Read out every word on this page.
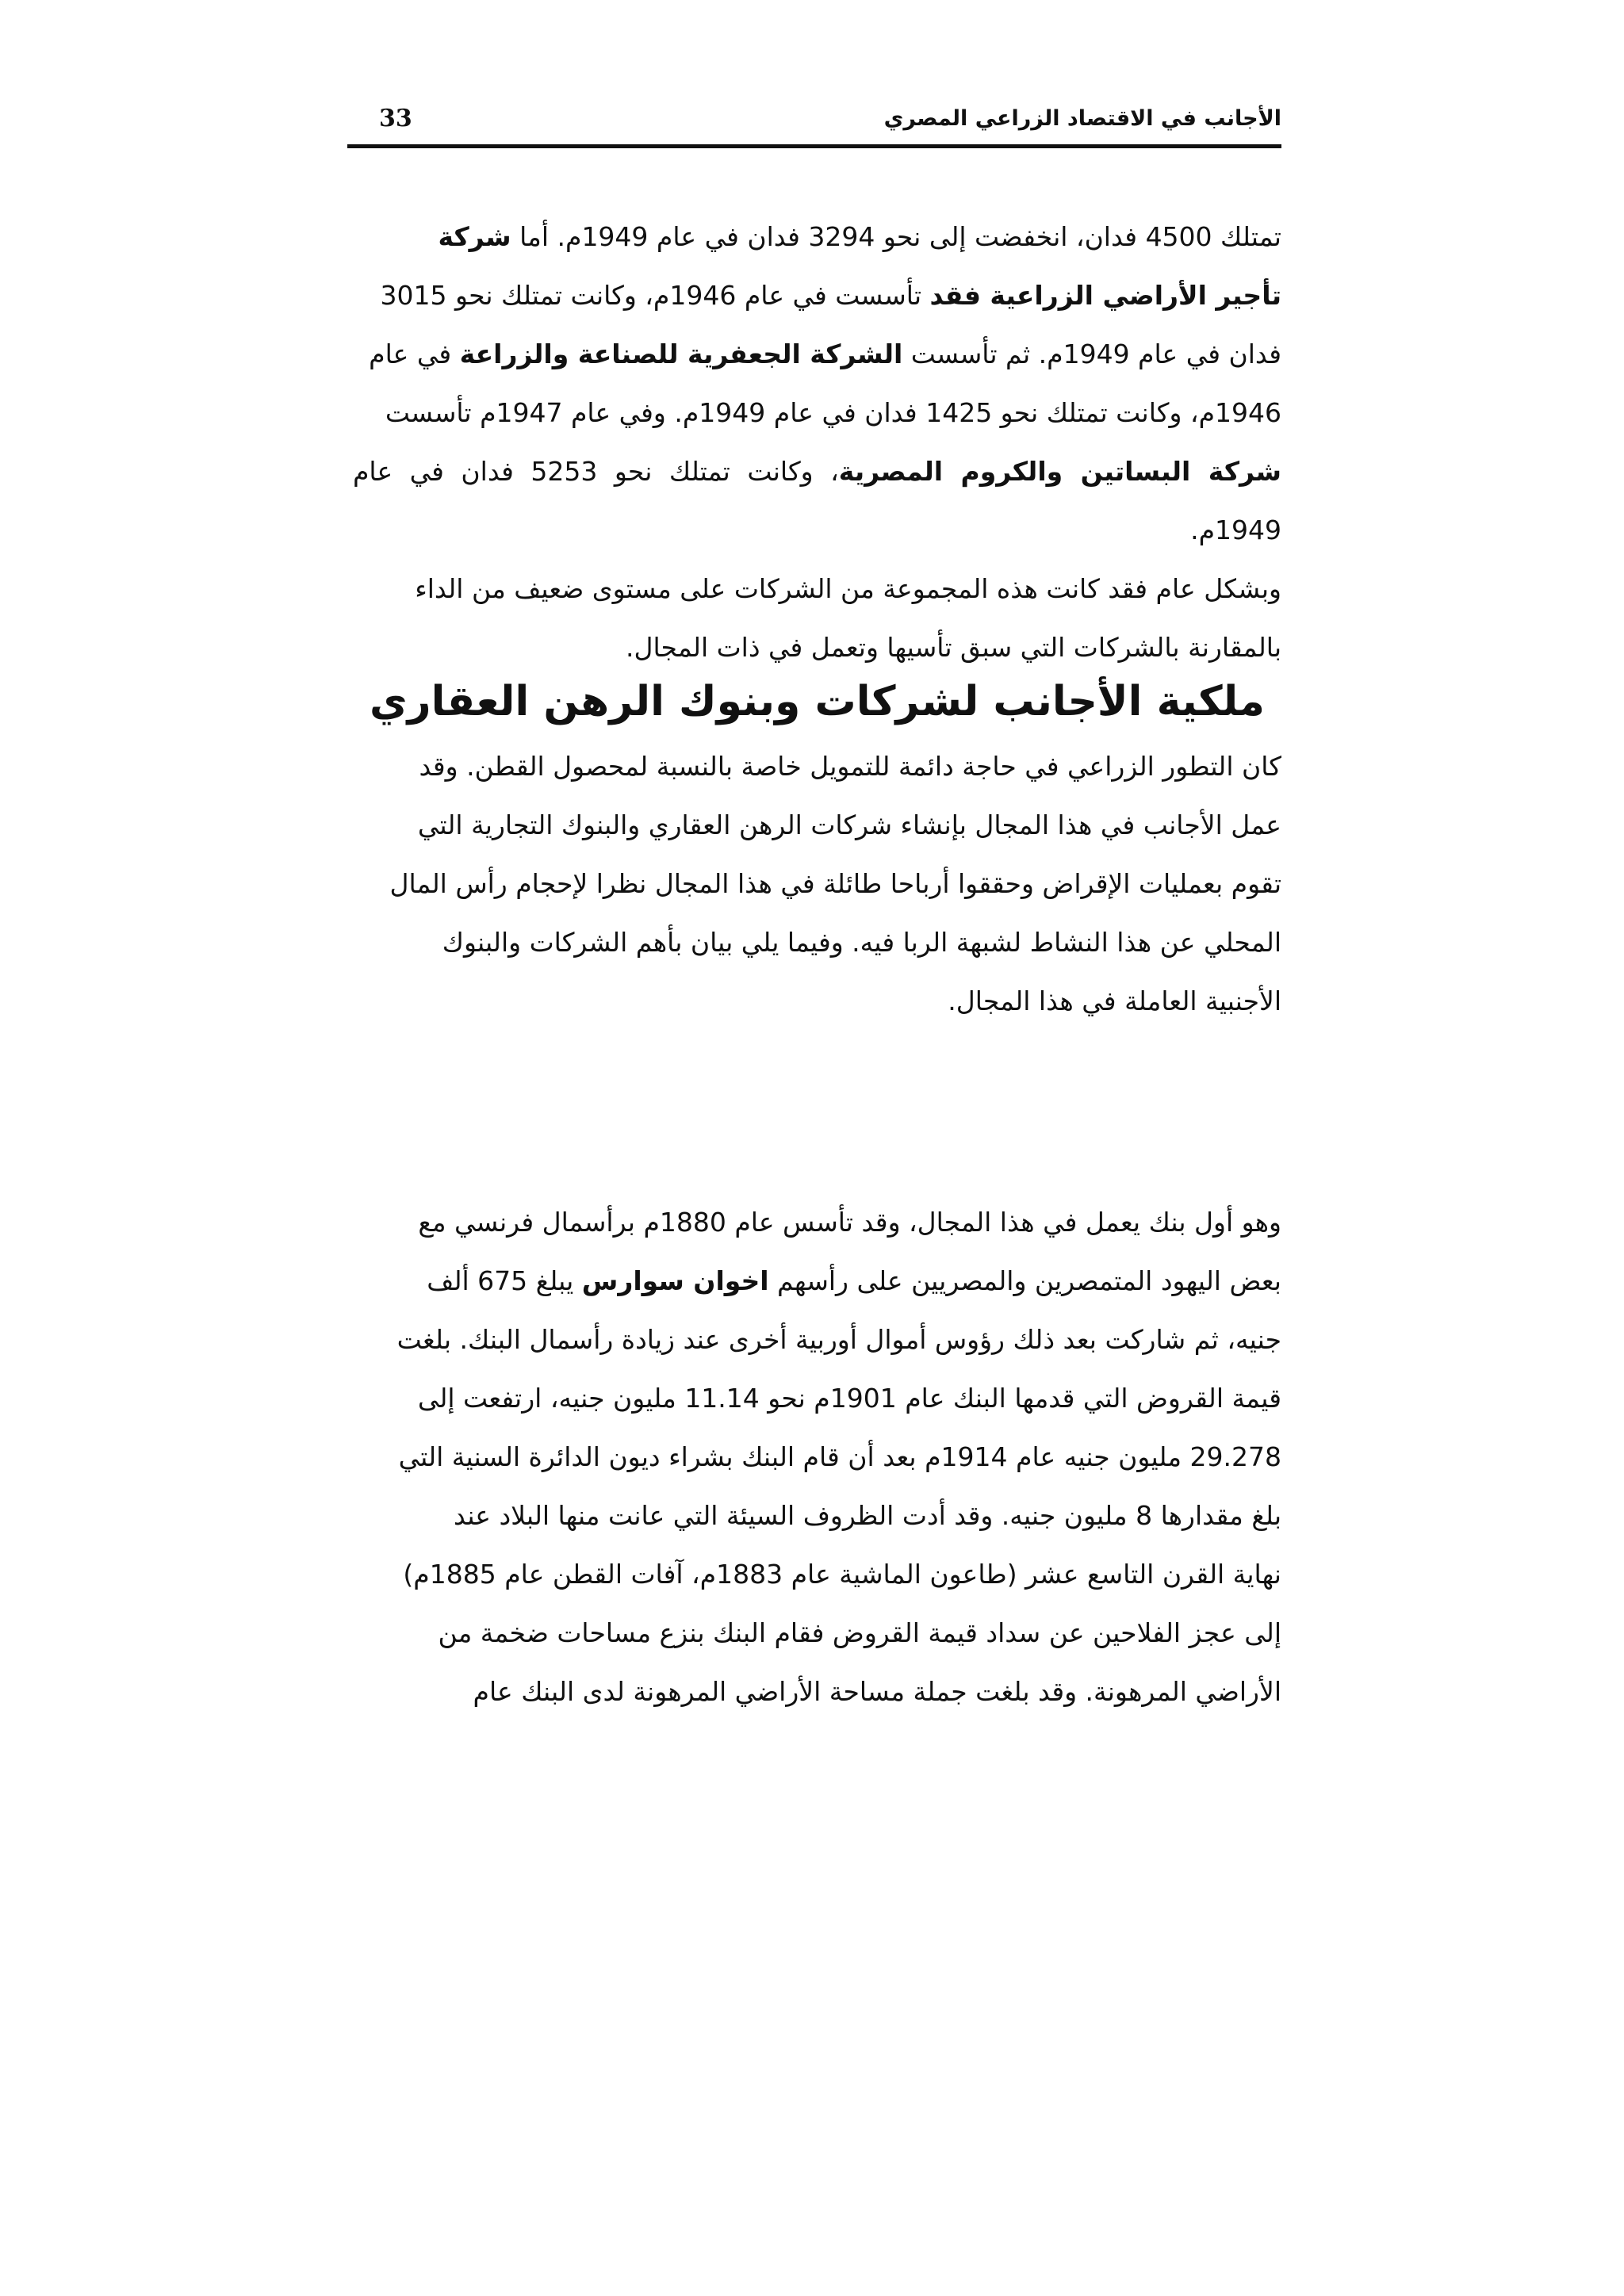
الأجانب في الاقتصاد الزراعي المصري
33
تمتلك 4500 فدان، انخفضت إلى نحو 3294 فدان في عام 1949م. أما شركة
تأجير الأراضي الزراعية فقد تأسست في عام 1946م، وكانت تمتلك نحو 3015
فدان في عام 1949م. ثم تأسست الشركة الجعفرية للصناعة والزراعة في عام
1946م، وكانت تمتلك نحو 1425 فدان في عام 1949م. وفي عام 1947م تأسست
شركة البساتين والكروم المصرية، وكانت تمتلك نحو 5253 فدان في عام 1949م.
وبشكل عام فقد كانت هذه المجموعة من الشركات على مستوى ضعيف من الداء
بالمقارنة بالشركات التي سبق تأسيها وتعمل في ذات المجال.
ملكية الأجانب لشركات وبنوك الرهن العقاري
كان التطور الزراعي في حاجة دائمة للتمويل خاصة بالنسبة لمحصول القطن. وقد
عمل الأجانب في هذا المجال بإنشاء شركات الرهن العقاري والبنوك التجارية التي
تقوم بعمليات الإقراض وحققوا أرباحا طائلة في هذا المجال نظرا لإحجام رأس المال
المحلي عن هذا النشاط لشبهة الربا فيه. وفيما يلي بيان بأهم الشركات والبنوك
الأجنبية العاملة في هذا المجال.
وهو أول بنك يعمل في هذا المجال، وقد تأسس عام 1880م برأسمال فرنسي مع
بعض اليهود المتمصرين والمصريين على رأسهم اخوان سوارس يبلغ 675 ألف
جنيه، ثم شاركت بعد ذلك رؤوس أموال أوربية أخرى عند زيادة رأسمال البنك. بلغت
قيمة القروض التي قدمها البنك عام 1901م نحو 11.14 مليون جنيه، ارتفعت إلى
29.278 مليون جنيه عام 1914م بعد أن قام البنك بشراء ديون الدائرة السنية التي
بلغ مقدارها 8 مليون جنيه. وقد أدت الظروف السيئة التي عانت منها البلاد عند
نهاية القرن التاسع عشر (طاعون الماشية عام 1883م، آفات القطن عام 1885م)
إلى عجز الفلاحين عن سداد قيمة القروض فقام البنك بنزع مساحات ضخمة من
الأراضي المرهونة. وقد بلغت جملة مساحة الأراضي المرهونة لدى البنك عام
